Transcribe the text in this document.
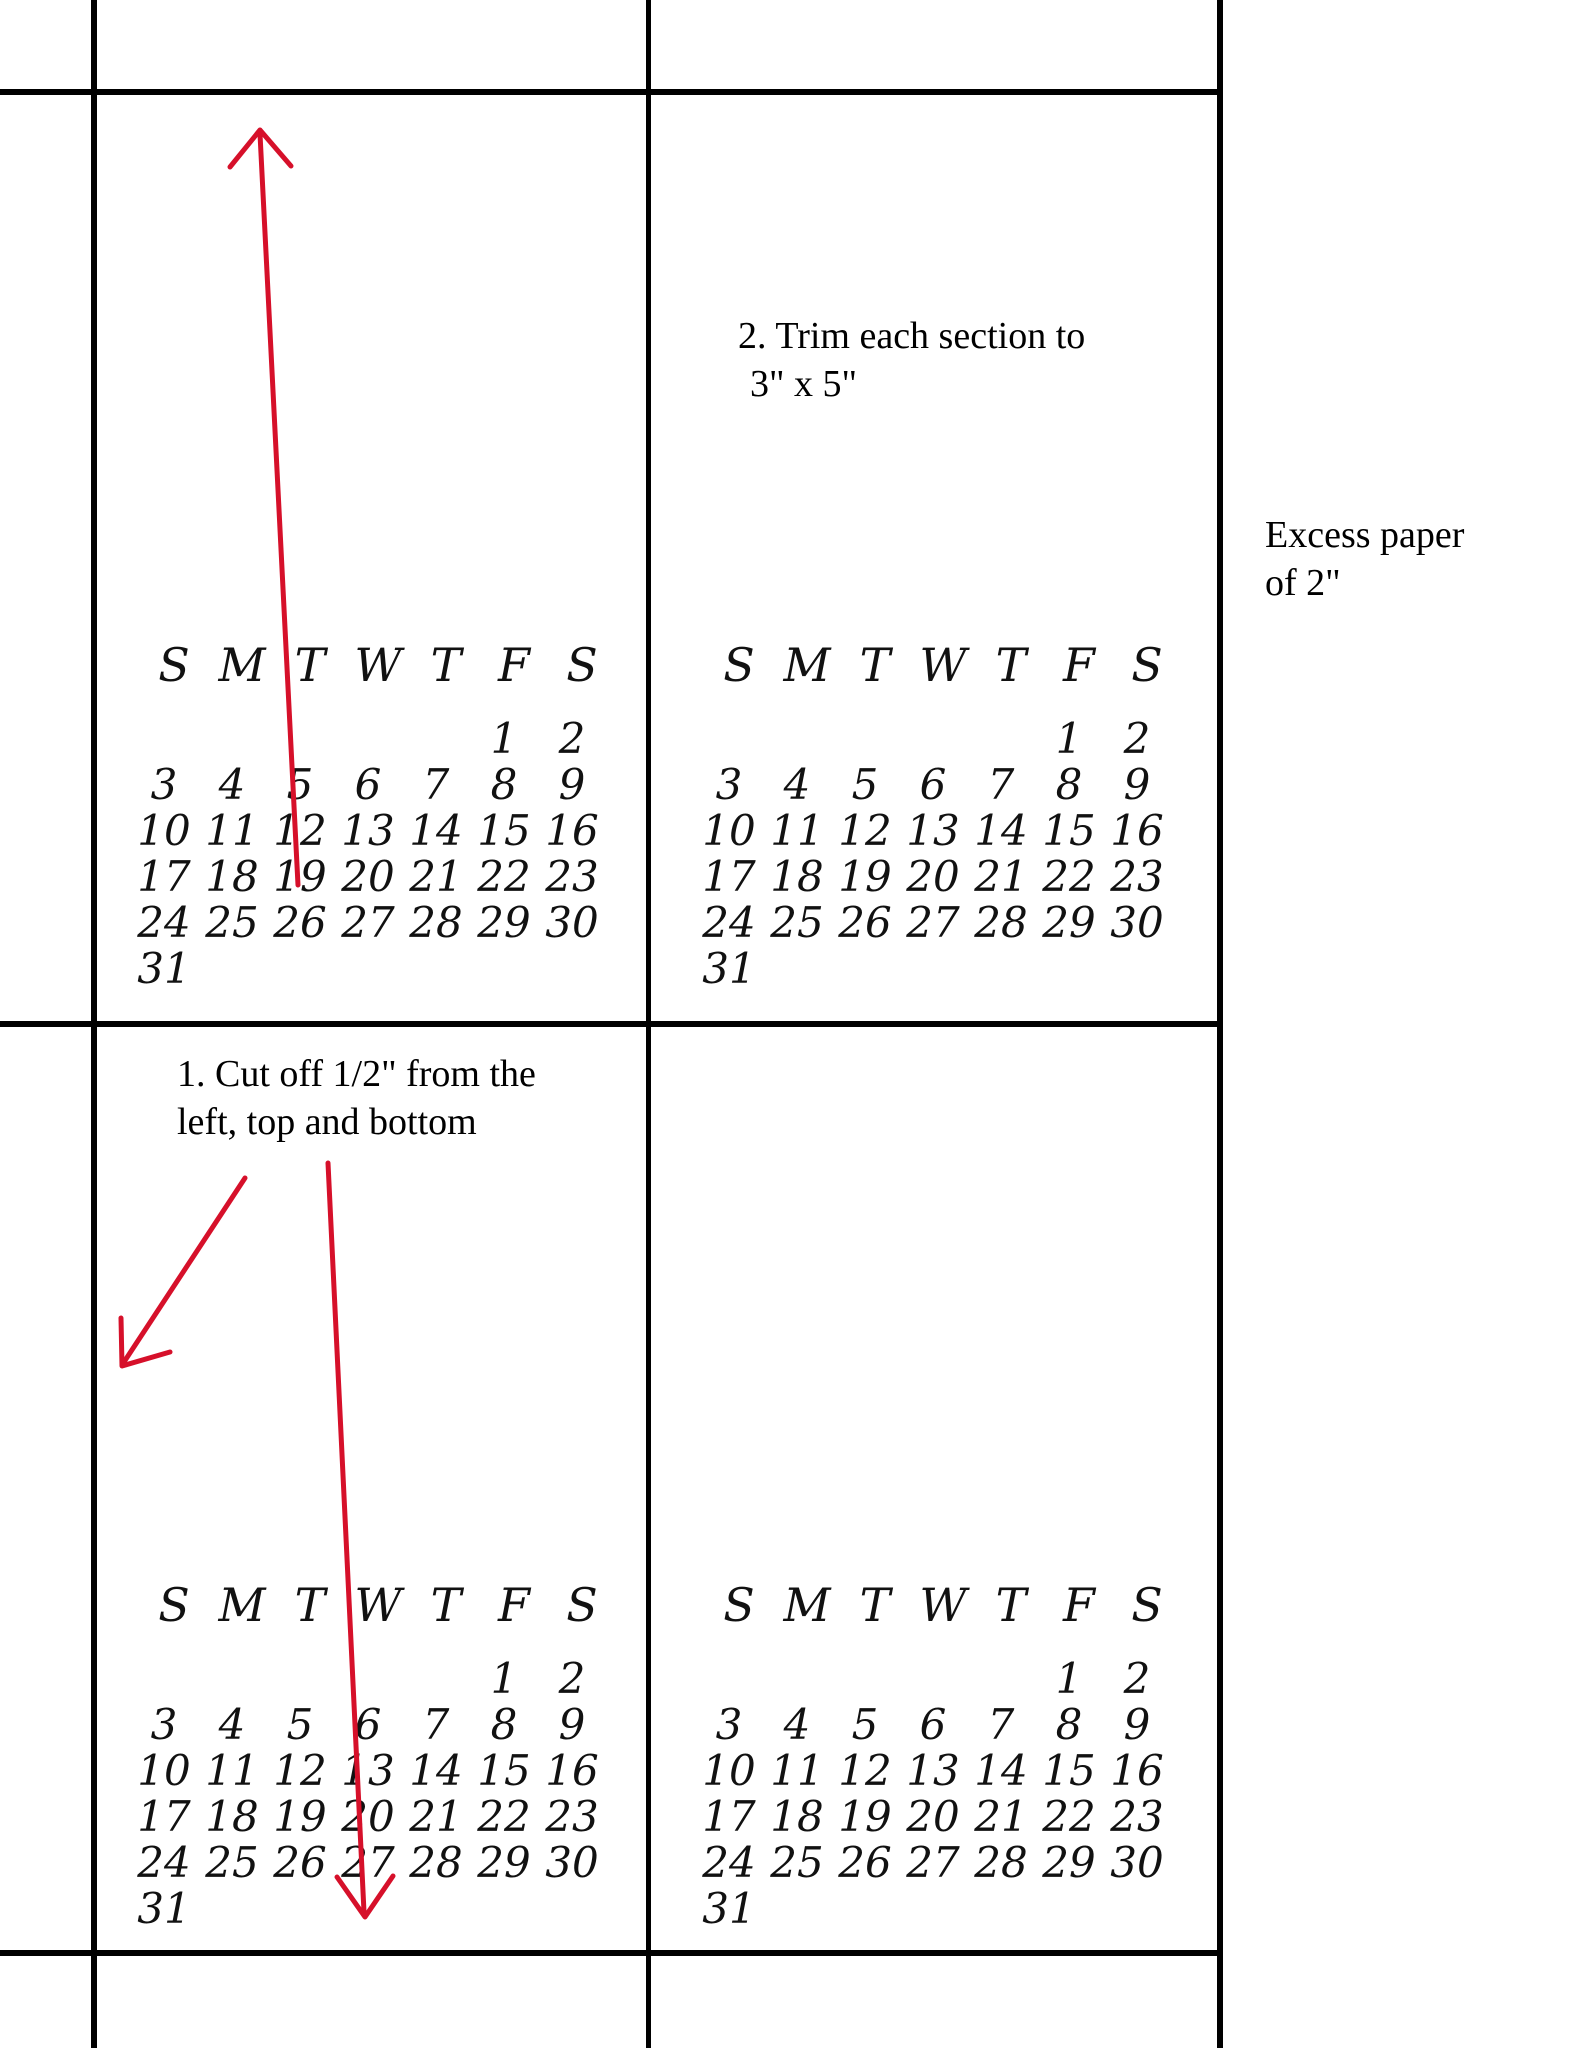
2. Trim each section to
3" x 5"
Excess paper
of 2"
1. Cut off 1/2" from the
left, top and bottom
S M T W T F S
1 2
3 4 5 6 7 8 9
10 11 12 13 14 15 16
17 18 19 20 21 22 23
24 25 26 27 28 29 30
31
S M T W T F S
1 2
3 4 5 6 7 8 9
10 11 12 13 14 15 16
17 18 19 20 21 22 23
24 25 26 27 28 29 30
31
S M T W T F S
1 2
3 4 5 6 7 8 9
10 11 12 13 14 15 16
17 18 19 20 21 22 23
24 25 26 27 28 29 30
31
S M T W T F S
1 2
3 4 5 6 7 8 9
10 11 12 13 14 15 16
17 18 19 20 21 22 23
24 25 26 27 28 29 30
31
